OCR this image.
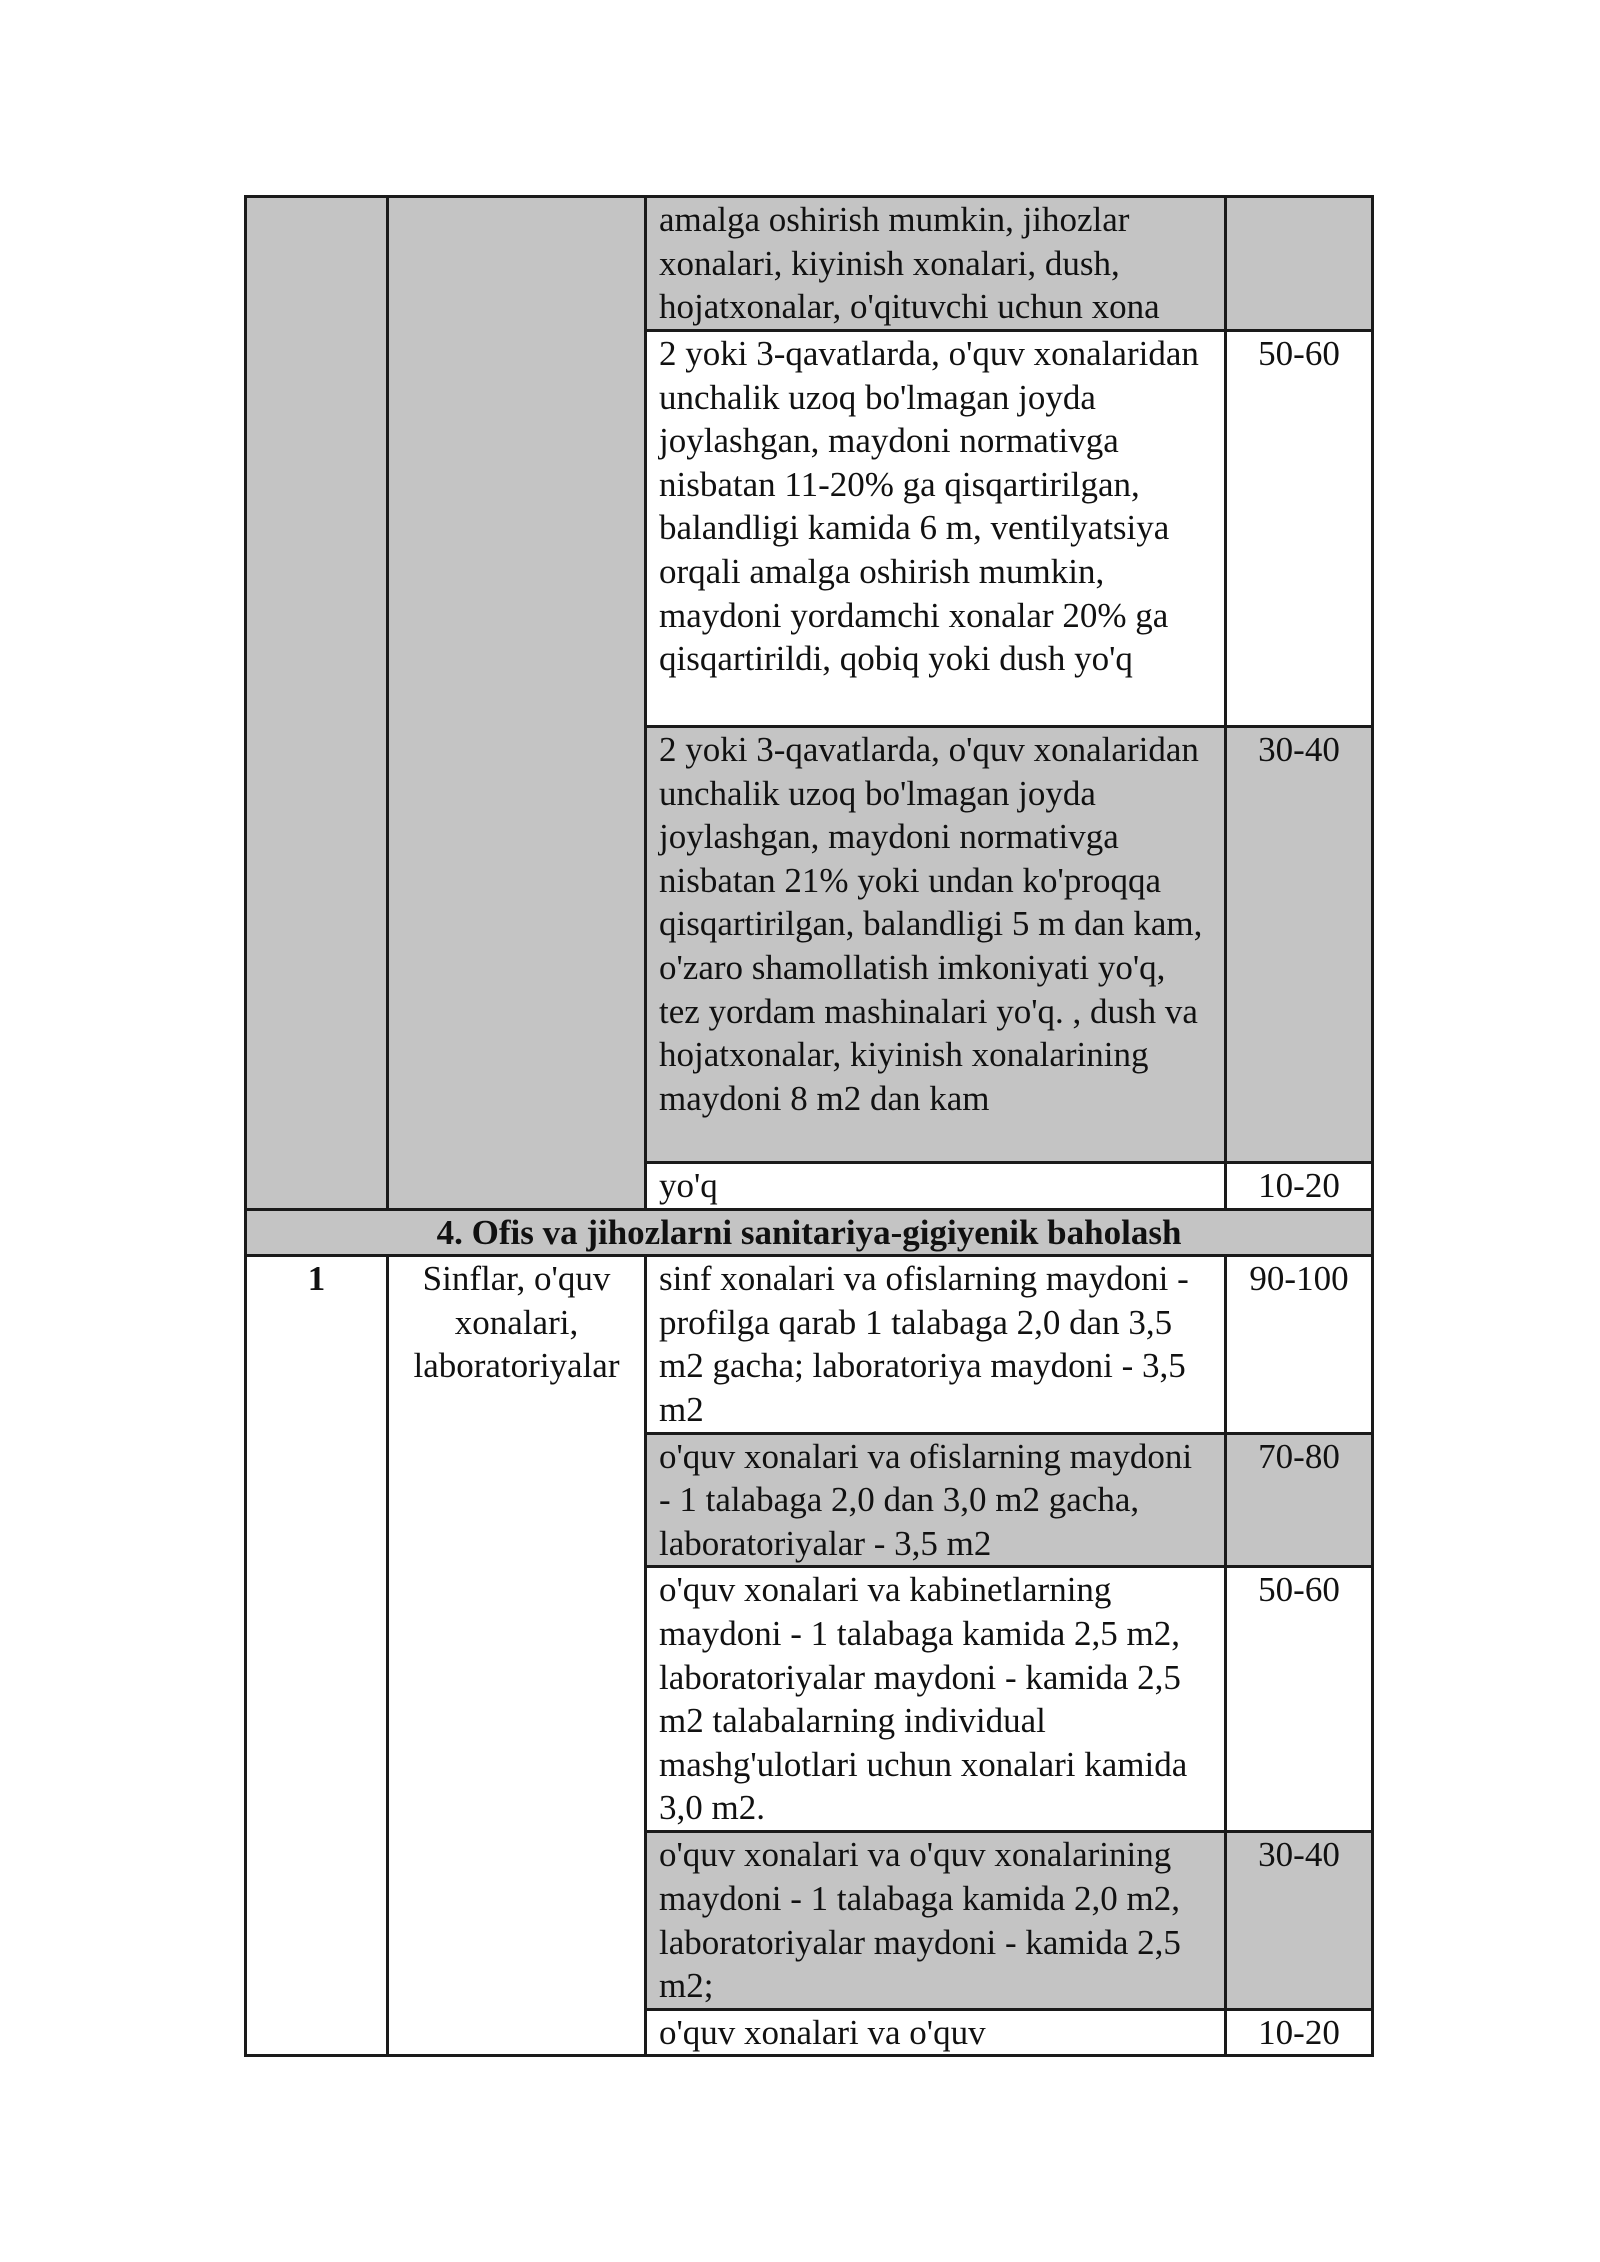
		amalga oshirish mumkin, jihozlar xonalari, kiyinish xonalari, dush, hojatxonalar, o'qituvchi uchun xona	
		2 yoki 3-qavatlarda, o'quv xonalaridan unchalik uzoq bo'lmagan joyda joylashgan, maydoni normativga nisbatan 11-20% ga qisqartirilgan, balandligi kamida 6 m, ventilyatsiya orqali amalga oshirish mumkin, maydoni yordamchi xonalar 20% ga qisqartirildi, qobiq yoki dush yo'q	50-60
		2 yoki 3-qavatlarda, o'quv xonalaridan unchalik uzoq bo'lmagan joyda joylashgan, maydoni normativga nisbatan 21% yoki undan ko'proqqa qisqartirilgan, balandligi 5 m dan kam, o'zaro shamollatish imkoniyati yo'q, tez yordam mashinalari yo'q. , dush va hojatxonalar, kiyinish xonalarining maydoni 8 m2 dan kam	30-40
		yo'q	10-20
4. Ofis va jihozlarni sanitariya-gigiyenik baholash			
1	Sinflar, o'quv xonalari, laboratoriyalar	sinf xonalari va ofislarning maydoni - profilga qarab 1 talabaga 2,0 dan 3,5 m2 gacha; laboratoriya maydoni - 3,5 m2	90-100
		o'quv xonalari va ofislarning maydoni - 1 talabaga 2,0 dan 3,0 m2 gacha, laboratoriyalar - 3,5 m2	70-80
		o'quv xonalari va kabinetlarning maydoni - 1 talabaga kamida 2,5 m2, laboratoriyalar maydoni - kamida 2,5 m2 talabalarning individual mashg'ulotlari uchun xonalari kamida 3,0 m2.	50-60
		o'quv xonalari va o'quv xonalarining maydoni - 1 talabaga kamida 2,0 m2, laboratoriyalar maydoni - kamida 2,5 m2;	30-40
		o'quv xonalari va o'quv	10-20
